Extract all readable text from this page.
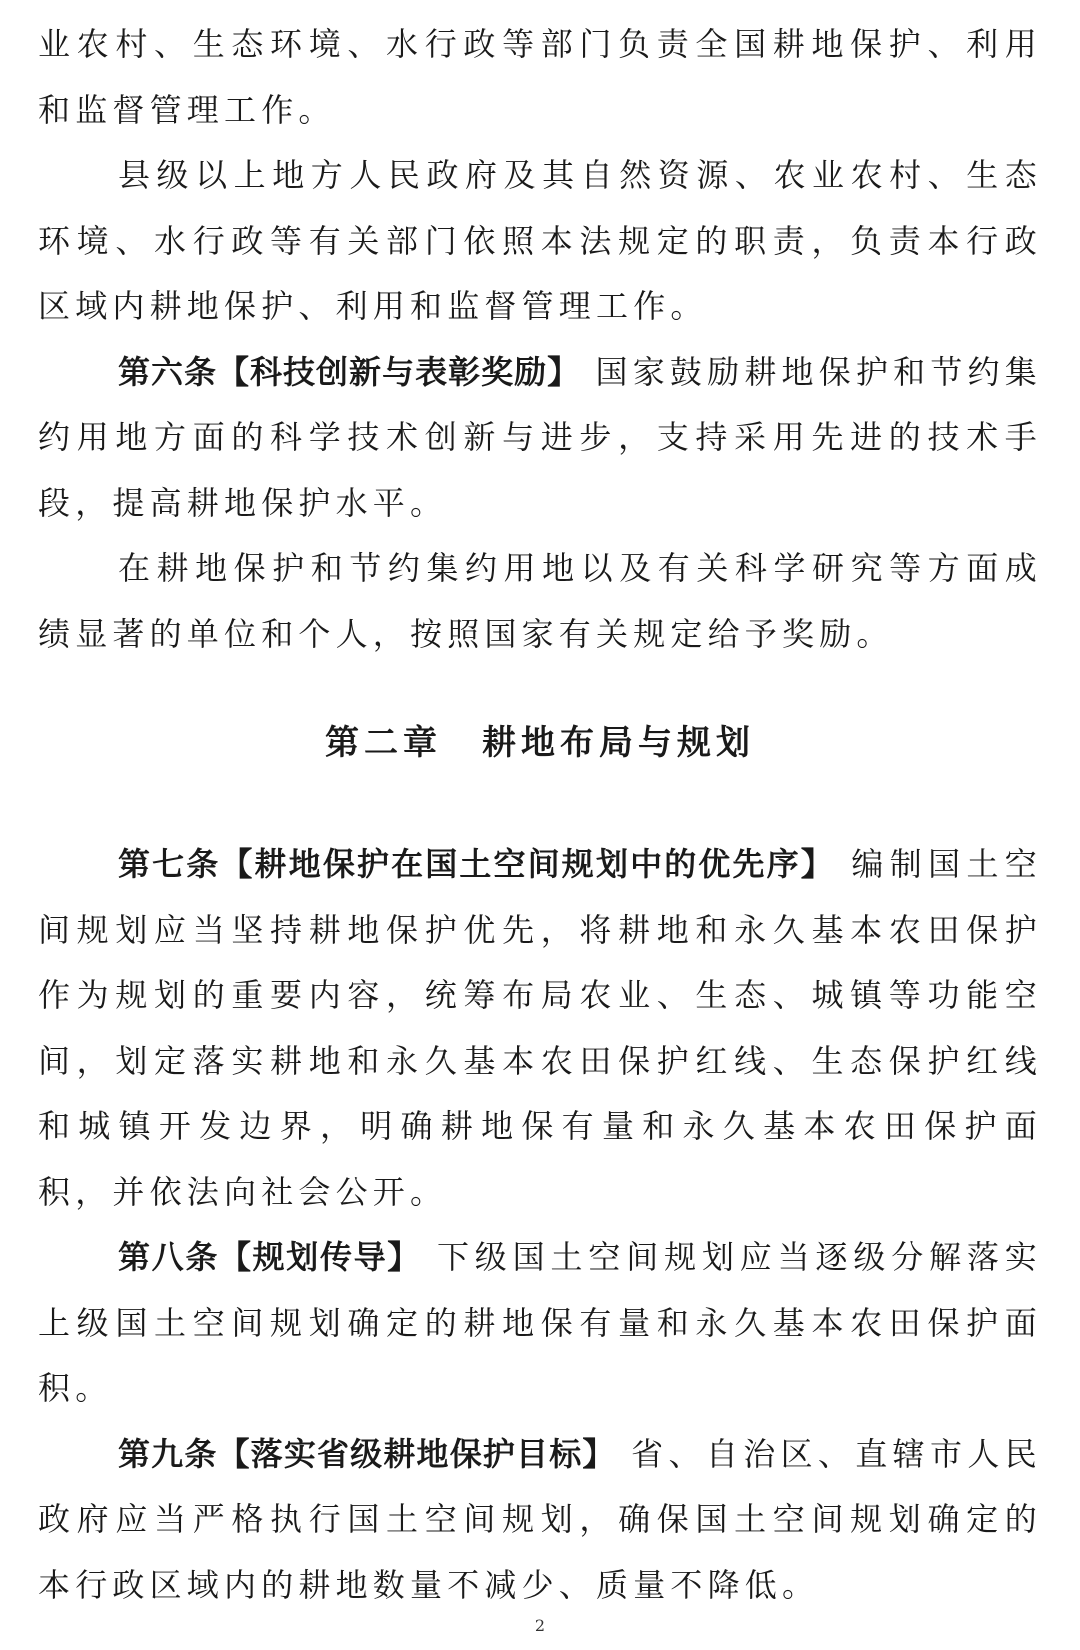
业农村、生态环境、水行政等部门负责全国耕地保护、利用和监督管理工作。

县级以上地方人民政府及其自然资源、农业农村、生态环境、水行政等有关部门依照本法规定的职责，负责本行政区域内耕地保护、利用和监督管理工作。

第六条【科技创新与表彰奖励】 国家鼓励耕地保护和节约集约用地方面的科学技术创新与进步，支持采用先进的技术手段，提高耕地保护水平。

在耕地保护和节约集约用地以及有关科学研究等方面成绩显著的单位和个人，按照国家有关规定给予奖励。

第二章 耕地布局与规划

第七条【耕地保护在国土空间规划中的优先序】 编制国土空间规划应当坚持耕地保护优先，将耕地和永久基本农田保护作为规划的重要内容，统筹布局农业、生态、城镇等功能空间，划定落实耕地和永久基本农田保护红线、生态保护红线和城镇开发边界，明确耕地保有量和永久基本农田保护面积，并依法向社会公开。

第八条【规划传导】 下级国土空间规划应当逐级分解落实上级国土空间规划确定的耕地保有量和永久基本农田保护面积。

第九条【落实省级耕地保护目标】 省、自治区、直辖市人民政府应当严格执行国土空间规划，确保国土空间规划确定的本行政区域内的耕地数量不减少、质量不降低。

2
